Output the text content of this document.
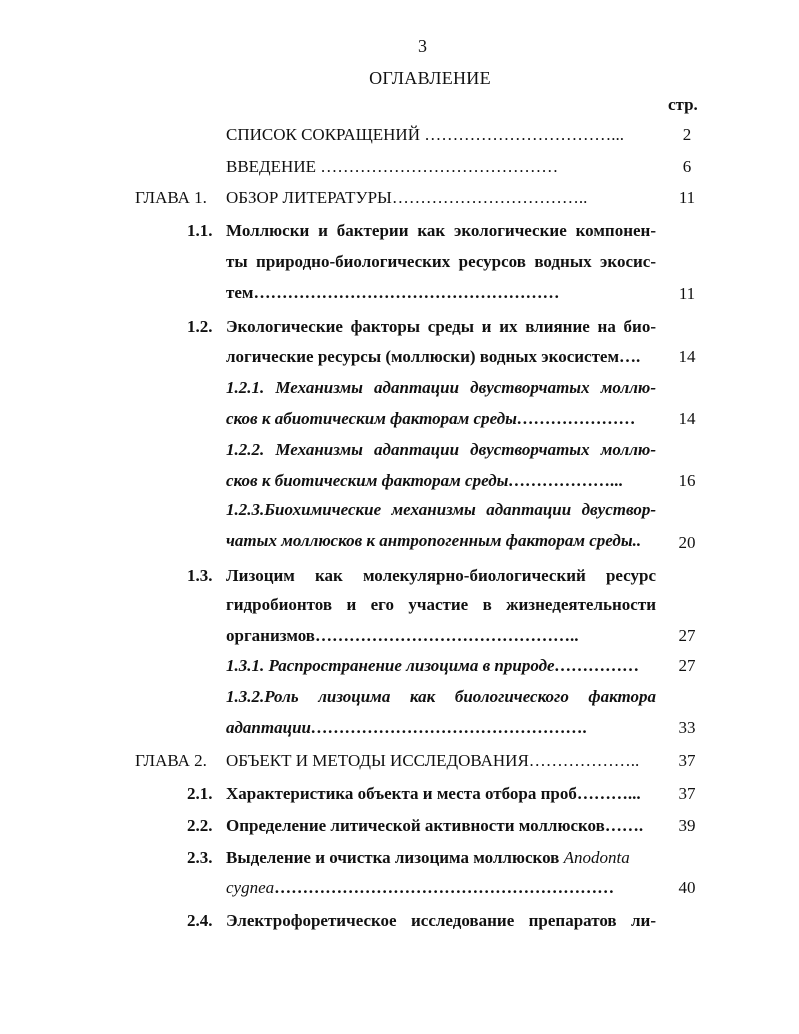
3
ОГЛАВЛЕНИЕ
стр.
СПИСОК СОКРАЩЕНИЙ ……………………………...	2
ВВЕДЕНИЕ ……………………………………	6
ГЛАВА 1. ОБЗОР ЛИТЕРАТУРЫ……………………………..	11
1.1. Моллюски и бактерии как экологические компонен-
ты природно-биологических ресурсов водных экосис-
тем………………………………………………	11
1.2. Экологические факторы среды и их влияние на био-
логические ресурсы (моллюски) водных экосистем….	14
1.2.1. Механизмы адаптации двустворчатых моллю-
сков к абиотическим факторам среды…………………	14
1.2.2. Механизмы адаптации двустворчатых моллю-
сков к биотическим факторам среды………………...	16
1.2.3.Биохимические механизмы адаптации двуствор-
чатых моллюсков к антропогенным факторам среды..	20
1.3. Лизоцим как молекулярно-биологический ресурс
гидробионтов и его участие в жизнедеятельности
организмов………………………………………..	27
1.3.1. Распространение лизоцима в природе……………	27
1.3.2.Роль лизоцима как биологического фактора
адаптации………………………………………….	33
ГЛАВА 2. ОБЪЕКТ И МЕТОДЫ ИССЛЕДОВАНИЯ………………..	37
2.1. Характеристика объекта и места отбора проб………...	37
2.2. Определение литической активности моллюсков…….	39
2.3. Выделение и очистка лизоцима моллюсков Anodonta
cygnea……………………………………………………	40
2.4. Электрофоретическое исследование препаратов ли-
